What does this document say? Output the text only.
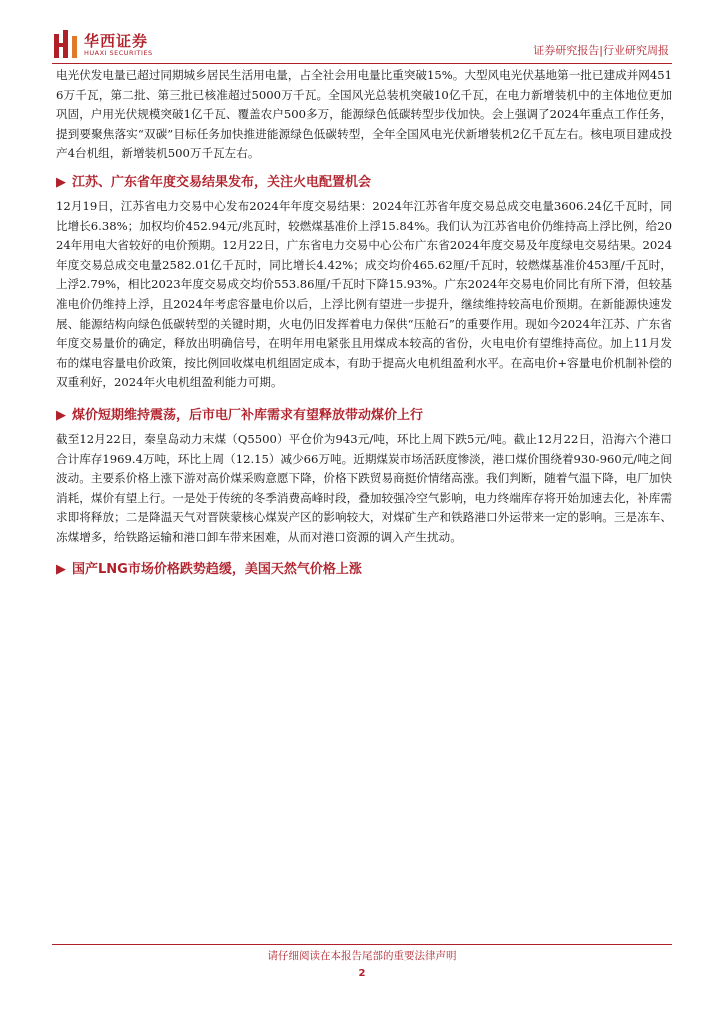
华西证券
HUAXI SECURITIES	证券研究报告|行业研究周报

电光伏发电量已超过同期城乡居民生活用电量，占全社会用电量比重突破15%。大型风电光伏基地第一批已建成并网4516万千瓦，第二批、第三批已核准超过5000万千瓦。全国风光总装机突破10亿千瓦，在电力新增装机中的主体地位更加巩固，户用光伏规模突破1亿千瓦、覆盖农户500多万，能源绿色低碳转型步伐加快。会上强调了2024年重点工作任务，提到要聚焦落实“双碳”目标任务加快推进能源绿色低碳转型，全年全国风电光伏新增装机2亿千瓦左右。核电项目建成投产4台机组，新增装机500万千瓦左右。

▶ 江苏、广东省年度交易结果发布，关注火电配置机会

12月19日，江苏省电力交易中心发布2024年年度交易结果：2024年江苏省年度交易总成交电量3606.24亿千瓦时，同比增长6.38%；加权均价452.94元/兆瓦时，较燃煤基准价上浮15.84%。我们认为江苏省电价仍维持高上浮比例，给2024年用电大省较好的电价预期。12月22日，广东省电力交易中心公布广东省2024年度交易及年度绿电交易结果。2024年度交易总成交电量2582.01亿千瓦时，同比增长4.42%；成交均价465.62厘/千瓦时，较燃煤基准价453厘/千瓦时，上浮2.79%，相比2023年度交易成交均价553.86厘/千瓦时下降15.93%。广东2024年交易电价同比有所下滑，但较基准电价仍维持上浮，且2024年考虑容量电价以后，上浮比例有望进一步提升，继续维持较高电价预期。在新能源快速发展、能源结构向绿色低碳转型的关键时期，火电仍旧发挥着电力保供“压舱石”的重要作用。现如今2024年江苏、广东省年度交易量价的确定，释放出明确信号，在明年用电紧张且用煤成本较高的省份，火电电价有望维持高位。加上11月发布的煤电容量电价政策，按比例回收煤电机组固定成本，有助于提高火电机组盈利水平。在高电价+容量电价机制补偿的双重利好，2024年火电机组盈利能力可期。

▶ 煤价短期维持震荡，后市电厂补库需求有望释放带动煤价上行

截至12月22日，秦皇岛动力末煤（Q5500）平仓价为943元/吨，环比上周下跌5元/吨。截止12月22日，沿海六个港口合计库存1969.4万吨，环比上周（12.15）减少66万吨。近期煤炭市场活跃度惨淡，港口煤价围绕着930-960元/吨之间波动。主要系价格上涨下游对高价煤采购意愿下降，价格下跌贸易商挺价情绪高涨。我们判断，随着气温下降，电厂加快消耗，煤价有望上行。一是处于传统的冬季消费高峰时段，叠加较强冷空气影响，电力终端库存将开始加速去化，补库需求即将释放；二是降温天气对晋陕蒙核心煤炭产区的影响较大，对煤矿生产和铁路港口外运带来一定的影响。三是冻车、冻煤增多，给铁路运输和港口卸车带来困难，从而对港口资源的调入产生扰动。

▶ 国产LNG市场价格跌势趋缓，美国天然气价格上涨
请仔细阅读在本报告尾部的重要法律声明
2
